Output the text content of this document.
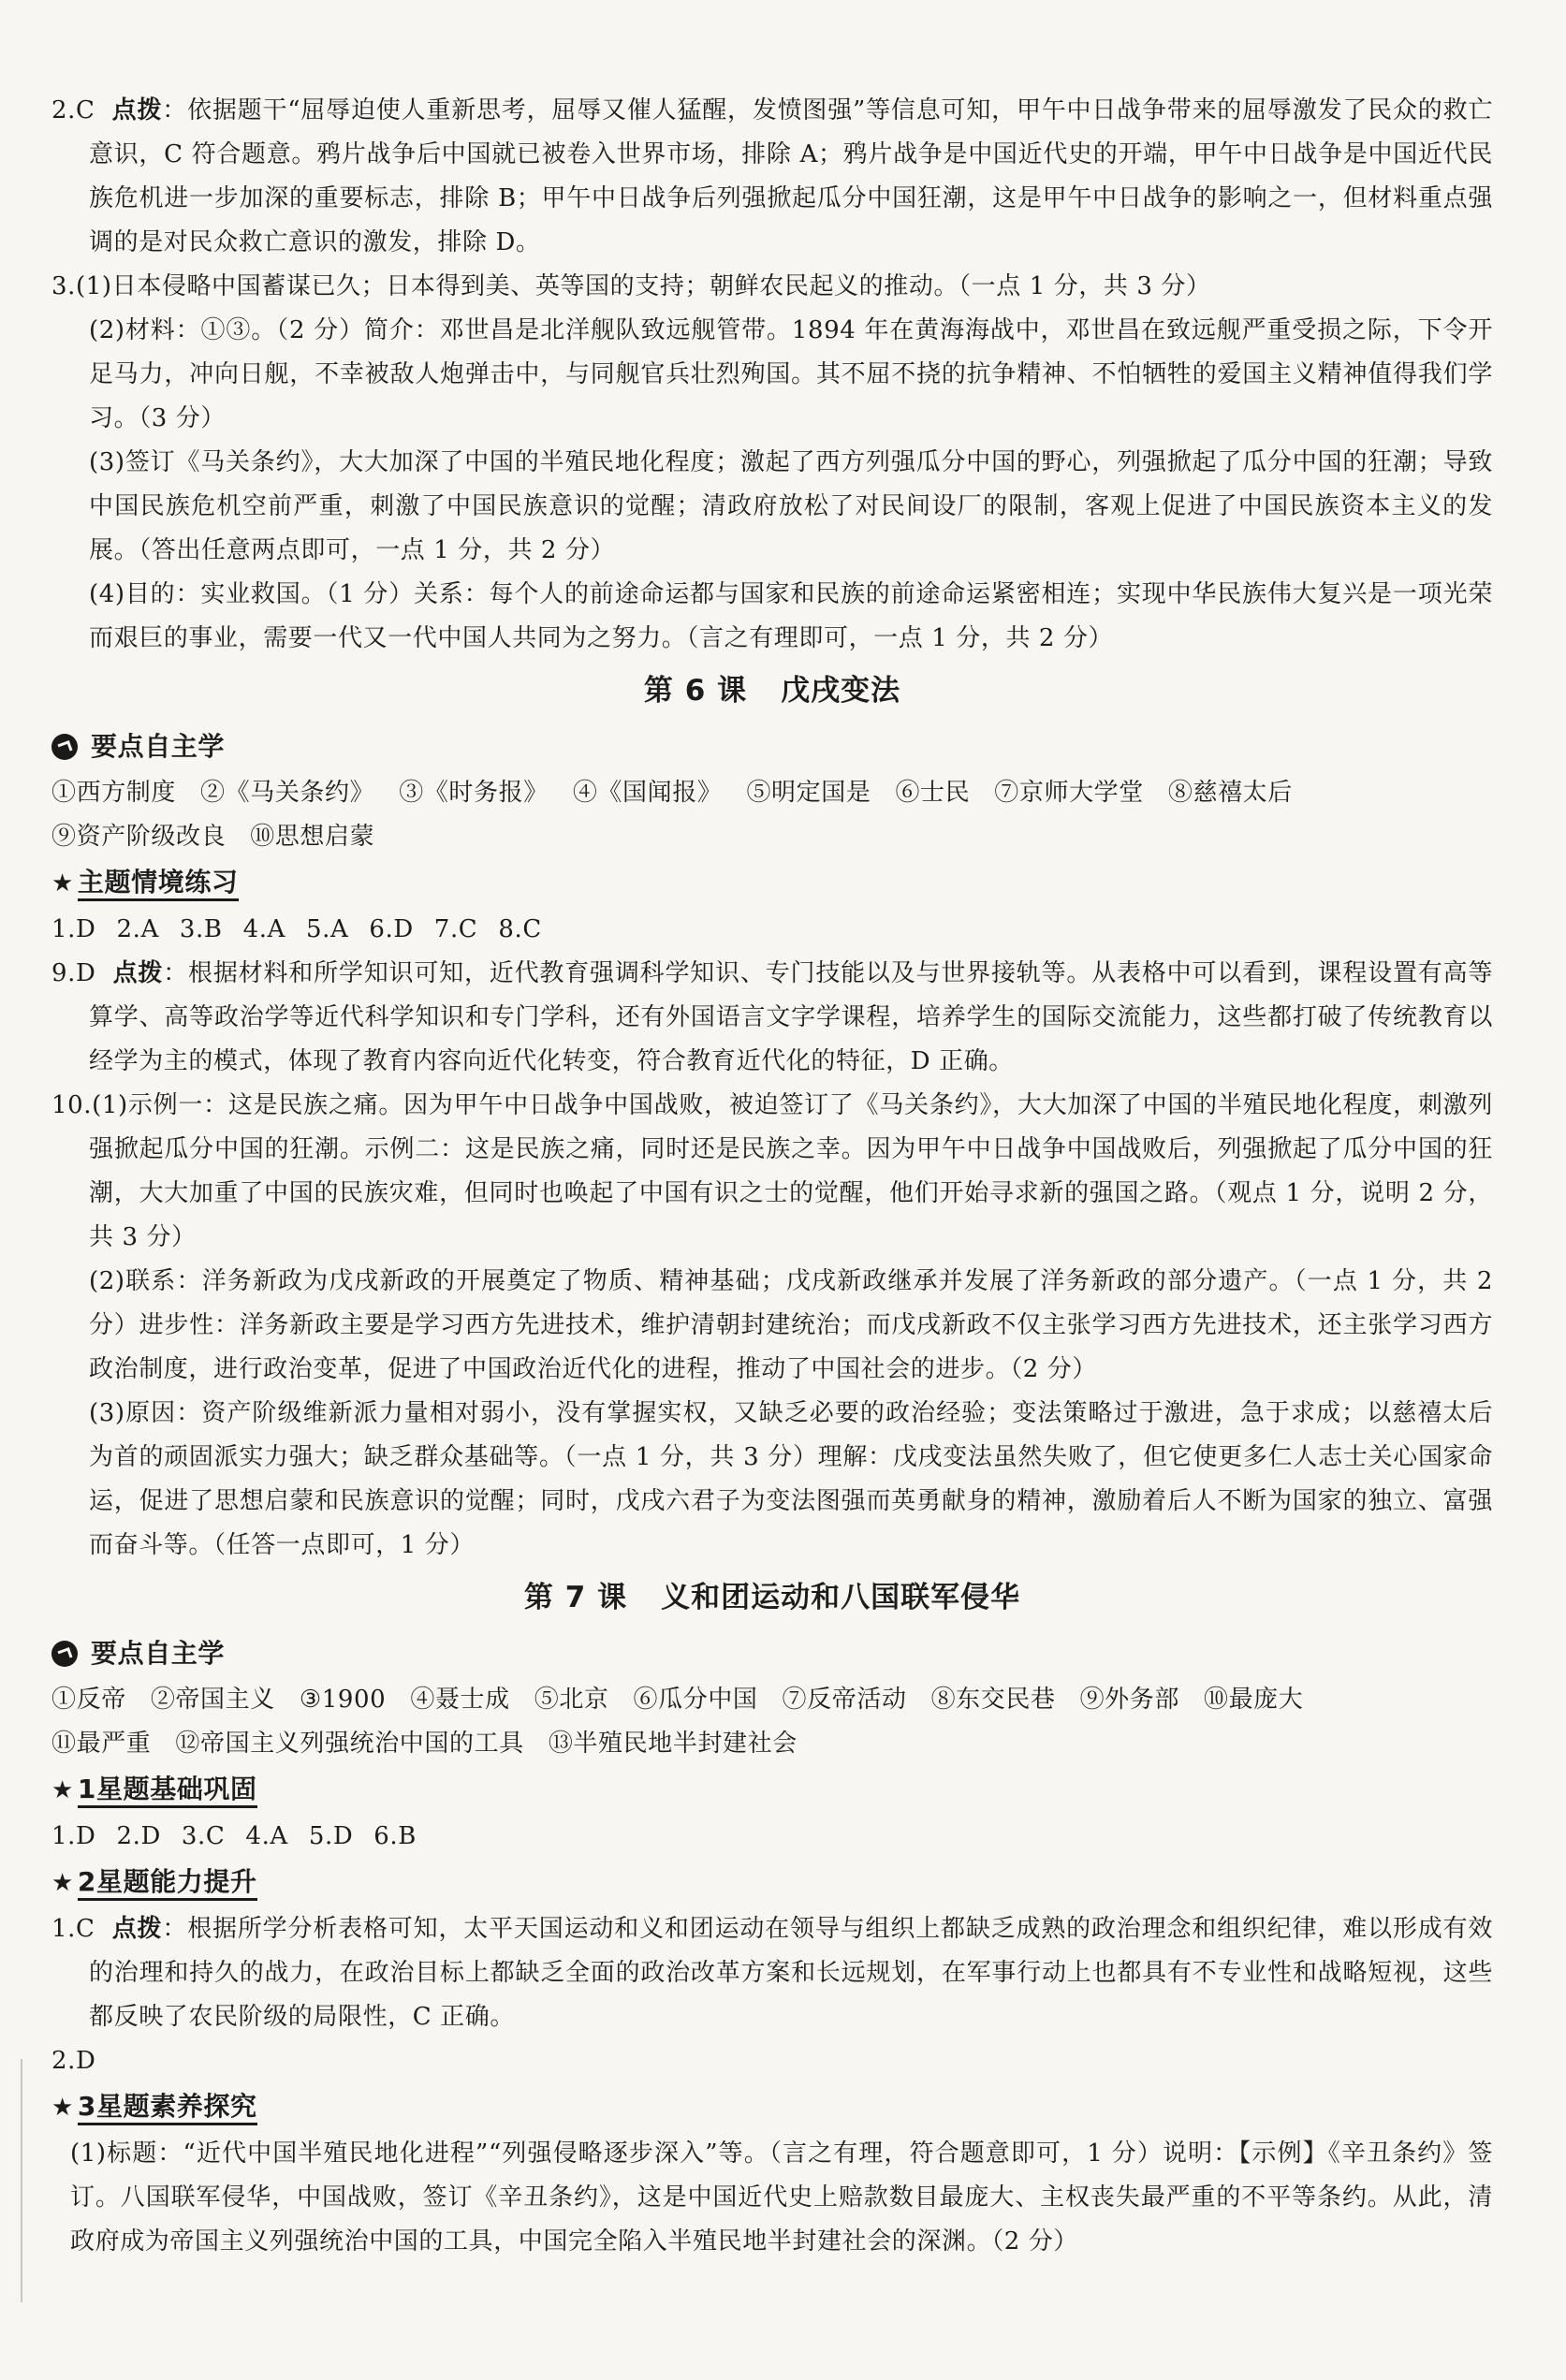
2.C 点拨：依据题干“屈辱迫使人重新思考，屈辱又催人猛醒，发愤图强”等信息可知，甲午中日战争带来的屈辱激发了民众的救亡意识，C 符合题意。鸦片战争后中国就已被卷入世界市场，排除 A；鸦片战争是中国近代史的开端，甲午中日战争是中国近代民族危机进一步加深的重要标志，排除 B；甲午中日战争后列强掀起瓜分中国狂潮，这是甲午中日战争的影响之一，但材料重点强调的是对民众救亡意识的激发，排除 D。

3.(1)日本侵略中国蓄谋已久；日本得到美、英等国的支持；朝鲜农民起义的推动。（一点 1 分，共 3 分）

(2)材料：①③。（2 分）简介：邓世昌是北洋舰队致远舰管带。1894 年在黄海海战中，邓世昌在致远舰严重受损之际，下令开足马力，冲向日舰，不幸被敌人炮弹击中，与同舰官兵壮烈殉国。其不屈不挠的抗争精神、不怕牺牲的爱国主义精神值得我们学习。（3 分）

(3)签订《马关条约》，大大加深了中国的半殖民地化程度；激起了西方列强瓜分中国的野心，列强掀起了瓜分中国的狂潮；导致中国民族危机空前严重，刺激了中国民族意识的觉醒；清政府放松了对民间设厂的限制，客观上促进了中国民族资本主义的发展。（答出任意两点即可，一点 1 分，共 2 分）

(4)目的：实业救国。（1 分）关系：每个人的前途命运都与国家和民族的前途命运紧密相连；实现中华民族伟大复兴是一项光荣而艰巨的事业，需要一代又一代中国人共同为之努力。（言之有理即可，一点 1 分，共 2 分）

第 6 课 戊戌变法
要点自主学

①西方制度 ②《马关条约》 ③《时务报》 ④《国闻报》 ⑤明定国是 ⑥士民 ⑦京师大学堂 ⑧慈禧太后

⑨资产阶级改良 ⑩思想启蒙

★ 主题情境练习

1.D 2.A 3.B 4.A 5.A 6.D 7.C 8.C

9.D 点拨：根据材料和所学知识可知，近代教育强调科学知识、专门技能以及与世界接轨等。从表格中可以看到，课程设置有高等算学、高等政治学等近代科学知识和专门学科，还有外国语言文字学课程，培养学生的国际交流能力，这些都打破了传统教育以经学为主的模式，体现了教育内容向近代化转变，符合教育近代化的特征，D 正确。

10.(1)示例一：这是民族之痛。因为甲午中日战争中国战败，被迫签订了《马关条约》，大大加深了中国的半殖民地化程度，刺激列强掀起瓜分中国的狂潮。示例二：这是民族之痛，同时还是民族之幸。因为甲午中日战争中国战败后，列强掀起了瓜分中国的狂潮，大大加重了中国的民族灾难，但同时也唤起了中国有识之士的觉醒，他们开始寻求新的强国之路。（观点 1 分，说明 2 分，共 3 分）

(2)联系：洋务新政为戊戌新政的开展奠定了物质、精神基础；戊戌新政继承并发展了洋务新政的部分遗产。（一点 1 分，共 2 分）进步性：洋务新政主要是学习西方先进技术，维护清朝封建统治；而戊戌新政不仅主张学习西方先进技术，还主张学习西方政治制度，进行政治变革，促进了中国政治近代化的进程，推动了中国社会的进步。（2 分）

(3)原因：资产阶级维新派力量相对弱小，没有掌握实权，又缺乏必要的政治经验；变法策略过于激进，急于求成；以慈禧太后为首的顽固派实力强大；缺乏群众基础等。（一点 1 分，共 3 分）理解：戊戌变法虽然失败了，但它使更多仁人志士关心国家命运，促进了思想启蒙和民族意识的觉醒；同时，戊戌六君子为变法图强而英勇献身的精神，激励着后人不断为国家的独立、富强而奋斗等。（任答一点即可，1 分）

第 7 课 义和团运动和八国联军侵华
要点自主学

①反帝 ②帝国主义 ③1900 ④聂士成 ⑤北京 ⑥瓜分中国 ⑦反帝活动 ⑧东交民巷 ⑨外务部 ⑩最庞大

⑪最严重 ⑫帝国主义列强统治中国的工具 ⑬半殖民地半封建社会

★ 1星题基础巩固

1.D 2.D 3.C 4.A 5.D 6.B

★ 2星题能力提升

1.C 点拨：根据所学分析表格可知，太平天国运动和义和团运动在领导与组织上都缺乏成熟的政治理念和组织纪律，难以形成有效的治理和持久的战力，在政治目标上都缺乏全面的政治改革方案和长远规划，在军事行动上也都具有不专业性和战略短视，这些都反映了农民阶级的局限性，C 正确。

2.D

★ 3星题素养探究

(1)标题：“近代中国半殖民地化进程”“列强侵略逐步深入”等。（言之有理，符合题意即可，1 分）说明：【示例】《辛丑条约》签订。八国联军侵华，中国战败，签订《辛丑条约》，这是中国近代史上赔款数目最庞大、主权丧失最严重的不平等条约。从此，清政府成为帝国主义列强统治中国的工具，中国完全陷入半殖民地半封建社会的深渊。（2 分）
